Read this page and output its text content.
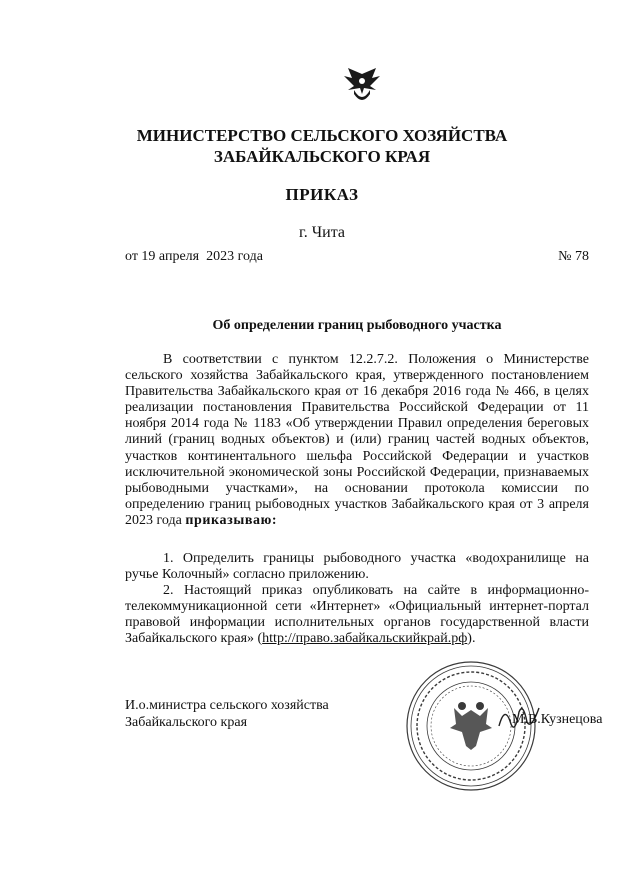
МИНИСТЕРСТВО СЕЛЬСКОГО ХОЗЯЙСТВА
ЗАБАЙКАЛЬСКОГО КРАЯ
ПРИКАЗ
г. Чита
от 19 апреля  2023 года	№ 78
Об определении границ рыбоводного участка

В соответствии с пунктом 12.2.7.2. Положения о Министерстве сельского хозяйства Забайкальского края, утвержденного постановлением Правительства Забайкальского края от 16 декабря 2016 года № 466, в целях реализации постановления Правительства Российской Федерации от 11 ноября 2014 года № 1183 «Об утверждении Правил определения береговых линий (границ водных объектов) и (или) границ частей водных объектов, участков континентального шельфа Российской Федерации и участков исключительной экономической зоны Российской Федерации, признаваемых рыбоводными участками», на основании протокола комиссии по определению границ рыбоводных участков Забайкальского края от 3 апреля 2023 года приказываю:

1. Определить границы рыбоводного участка «водохранилище на ручье Колочный» согласно приложению.

2. Настоящий приказ опубликовать на сайте в информационно-телекоммуникационной сети «Интернет» «Официальный интернет-портал правовой информации исполнительных органов государственной власти Забайкальского края» (http://право.забайкальскийкрай.рф).

И.о.министра сельского хозяйства
Забайкальского края	М.В.Кузнецова
